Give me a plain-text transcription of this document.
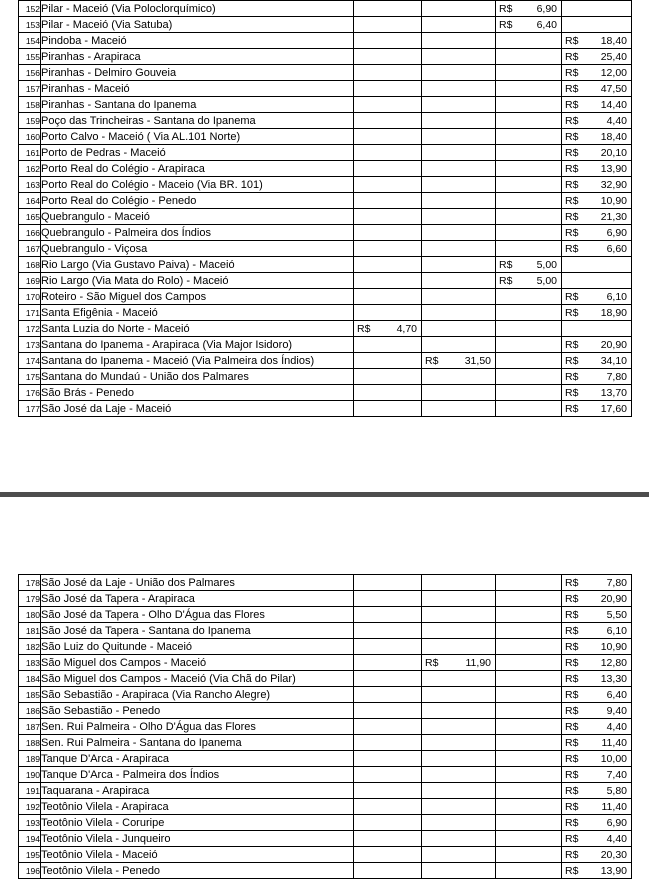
152	Pilar - Maceió (Via Poloclorquímico)			R$ 6,90	

153	Pilar - Maceió (Via Satuba)			R$ 6,40	

154	Pindoba - Maceió				R$ 18,40

155	Piranhas - Arapiraca				R$ 25,40

156	Piranhas - Delmiro Gouveia				R$ 12,00

157	Piranhas - Maceió				R$ 47,50

158	Piranhas - Santana do Ipanema				R$ 14,40

159	Poço das Trincheiras - Santana do Ipanema				R$ 4,40

160	Porto Calvo - Maceió ( Via AL.101 Norte)				R$ 18,40

161	Porto de Pedras - Maceió				R$ 20,10

162	Porto Real do Colégio - Arapiraca				R$ 13,90

163	Porto Real do Colégio - Maceio (Via BR. 101)				R$ 32,90

164	Porto Real do Colégio - Penedo				R$ 10,90

165	Quebrangulo - Maceió				R$ 21,30

166	Quebrangulo - Palmeira dos Índios				R$ 6,90

167	Quebrangulo - Viçosa				R$ 6,60

168	Rio Largo (Via Gustavo Paiva) - Maceió			R$ 5,00	

169	Rio Largo (Via Mata do Rolo) - Maceió			R$ 5,00	

170	Roteiro - São Miguel dos Campos				R$ 6,10

171	Santa Efigênia - Maceió				R$ 18,90

172	Santa Luzia do Norte - Maceió	R$ 4,70			

173	Santana do Ipanema - Arapiraca (Via Major Isidoro)				R$ 20,90

174	Santana do Ipanema - Maceió (Via Palmeira dos Índios)		R$ 31,50		R$ 34,10

175	Santana do Mundaú - União dos Palmares				R$ 7,80

176	São Brás - Penedo				R$ 13,70

177	São José da Laje - Maceió				R$ 17,60
178	São José da Laje - União dos Palmares				R$ 7,80

179	São José da Tapera - Arapiraca				R$ 20,90

180	São José da Tapera - Olho D'Água das Flores				R$ 5,50

181	São José da Tapera - Santana do Ipanema				R$ 6,10

182	São Luiz do Quitunde - Maceió				R$ 10,90

183	São Miguel dos Campos - Maceió		R$ 11,90		R$ 12,80

184	São Miguel dos Campos - Maceió (Via Chã do Pilar)				R$ 13,30

185	São Sebastião - Arapiraca (Via Rancho Alegre)				R$ 6,40

186	São Sebastião - Penedo				R$ 9,40

187	Sen. Rui Palmeira - Olho D'Água das Flores				R$ 4,40

188	Sen. Rui Palmeira - Santana do Ipanema				R$ 11,40

189	Tanque D'Arca - Arapiraca				R$ 10,00

190	Tanque D'Arca - Palmeira dos Índios				R$ 7,40

191	Taquarana - Arapiraca				R$ 5,80

192	Teotônio Vilela - Arapiraca				R$ 11,40

193	Teotônio Vilela - Coruripe				R$ 6,90

194	Teotônio Vilela - Junqueiro				R$ 4,40

195	Teotônio Vilela - Maceió				R$ 20,30

196	Teotônio Vilela - Penedo				R$ 13,90
